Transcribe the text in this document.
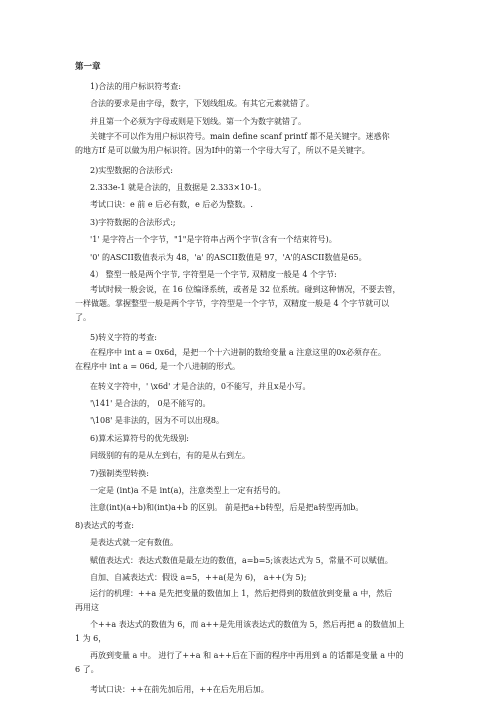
第一章
1)合法的用户标识符考查:
合法的要求是由字母，数字，下划线组成。有其它元素就错了。
并且第一个必须为字母或则是下划线。第一个为数字就错了。
关键字不可以作为用户标识符号。main define scanf printf 都不是关键字。迷惑你
的地方If 是可以做为用户标识符。因为If中的第一个字母大写了，所以不是关键字。
2)实型数据的合法形式:
2.333e-1 就是合法的，且数据是 2.333×10-1。
考试口诀：e 前 e 后必有数，e 后必为整数。.
3)字符数据的合法形式:;
'1' 是字符占一个字节，"1"是字符串占两个字节(含有一个结束符号)。
'0' 的ASCII数值表示为 48，'a' 的ASCII数值是 97，'A'的ASCII数值是65。
4） 整型一般是两个字节, 字符型是一个字节, 双精度一般是 4 个字节:
考试时候一般会说，在 16 位编译系统，或者是 32 位系统。碰到这种情况，不要去管，
一样做题。掌握整型一般是两个字节，字符型是一个字节，双精度一般是 4 个字节就可以
了。
5)转义字符的考查:
在程序中 int a = 0x6d，是把一个十六进制的数给变量 a 注意这里的0x必须存在。
在程序中 int a = 06d, 是一个八进制的形式。
在转义字符中，' \x6d' 才是合法的，0不能写，并且x是小写。
'\141' 是合法的， 0是不能写的。
'\108' 是非法的，因为不可以出现8。
6)算术运算符号的优先级别:
同级别的有的是从左到右，有的是从右到左。
7)强制类型转换:
一定是 (int)a 不是 int(a)，注意类型上一定有括号的。
注意(int)(a+b)和(int)a+b 的区别。 前是把a+b转型，后是把a转型再加b。
8)表达式的考查:
是表达式就一定有数值。
赋值表达式：表达式数值是最左边的数值，a=b=5;该表达式为 5，常量不可以赋值。
自加、自减表达式：假设 a=5，++a(是为 6)， a++(为 5);
运行的机理：++a 是先把变量的数值加上 1，然后把得到的数值放到变量 a 中，然后
再用这
个++a 表达式的数值为 6，而 a++是先用该表达式的数值为 5，然后再把 a 的数值加上
1 为 6，
再放到变量 a 中。 进行了++a 和 a++后在下面的程序中再用到 a 的话都是变量 a 中的
6 了。
考试口诀：++在前先加后用，++在后先用后加。
